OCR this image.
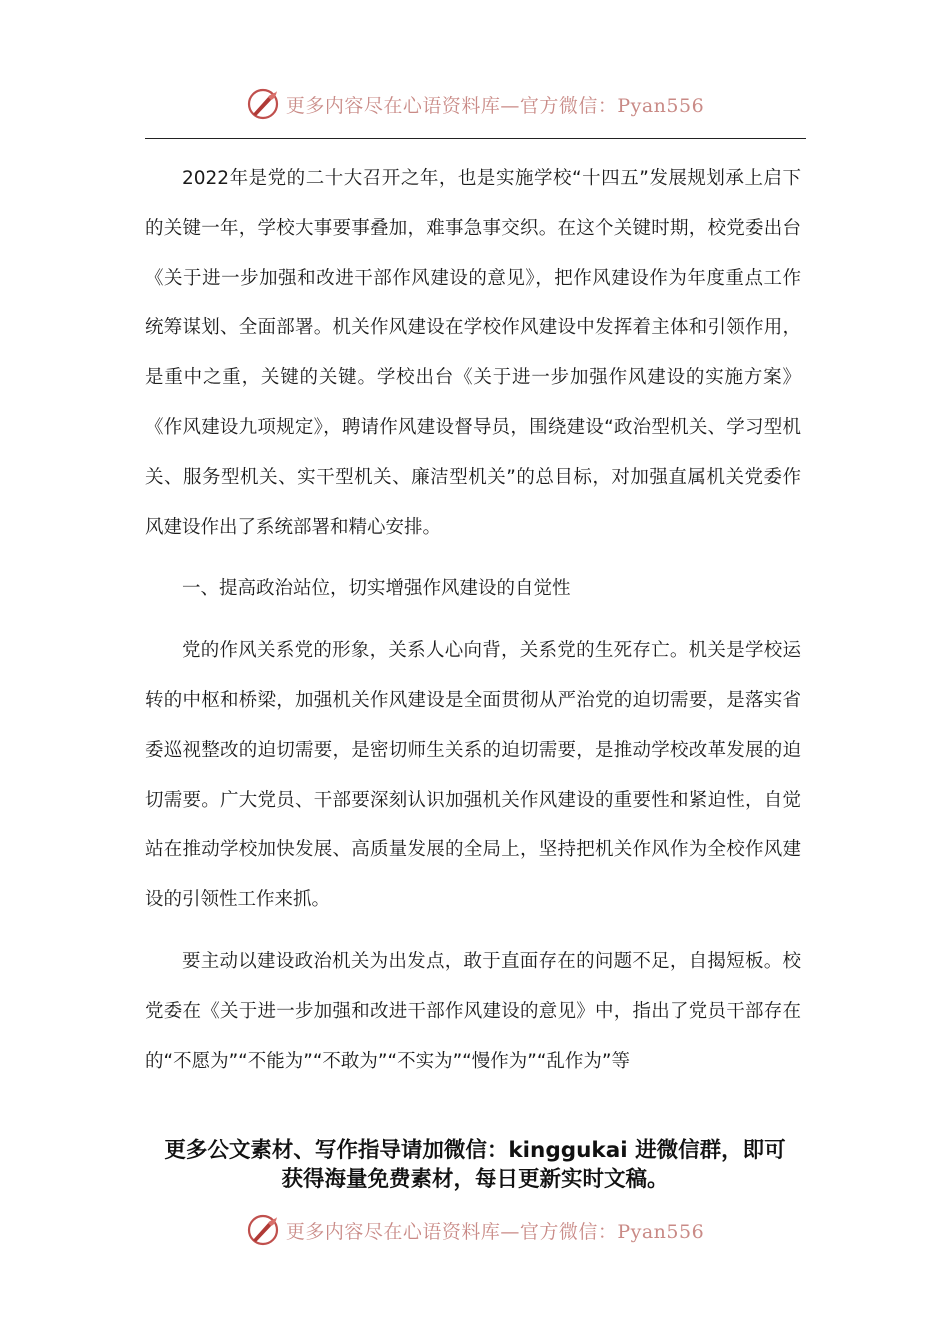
更多内容尽在心语资料库—官方微信：Pyan556

2022年是党的二十大召开之年，也是实施学校“十四五”发展规划承上启下的关键一年，学校大事要事叠加，难事急事交织。在这个关键时期，校党委出台《关于进一步加强和改进干部作风建设的意见》，把作风建设作为年度重点工作统筹谋划、全面部署。机关作风建设在学校作风建设中发挥着主体和引领作用，是重中之重，关键的关键。学校出台《关于进一步加强作风建设的实施方案》《作风建设九项规定》，聘请作风建设督导员，围绕建设“政治型机关、学习型机关、服务型机关、实干型机关、廉洁型机关”的总目标，对加强直属机关党委作风建设作出了系统部署和精心安排。

一、提高政治站位，切实增强作风建设的自觉性

党的作风关系党的形象，关系人心向背，关系党的生死存亡。机关是学校运转的中枢和桥梁，加强机关作风建设是全面贯彻从严治党的迫切需要，是落实省委巡视整改的迫切需要，是密切师生关系的迫切需要，是推动学校改革发展的迫切需要。广大党员、干部要深刻认识加强机关作风建设的重要性和紧迫性，自觉站在推动学校加快发展、高质量发展的全局上，坚持把机关作风作为全校作风建设的引领性工作来抓。

要主动以建设政治机关为出发点，敢于直面存在的问题不足，自揭短板。校党委在《关于进一步加强和改进干部作风建设的意见》中，指出了党员干部存在的“不愿为”“不能为”“不敢为”“不实为”“慢作为”“乱作为”等

更多公文素材、写作指导请加微信：kinggukai 进微信群，即可
获得海量免费素材，每日更新实时文稿。
更多内容尽在心语资料库—官方微信：Pyan556
